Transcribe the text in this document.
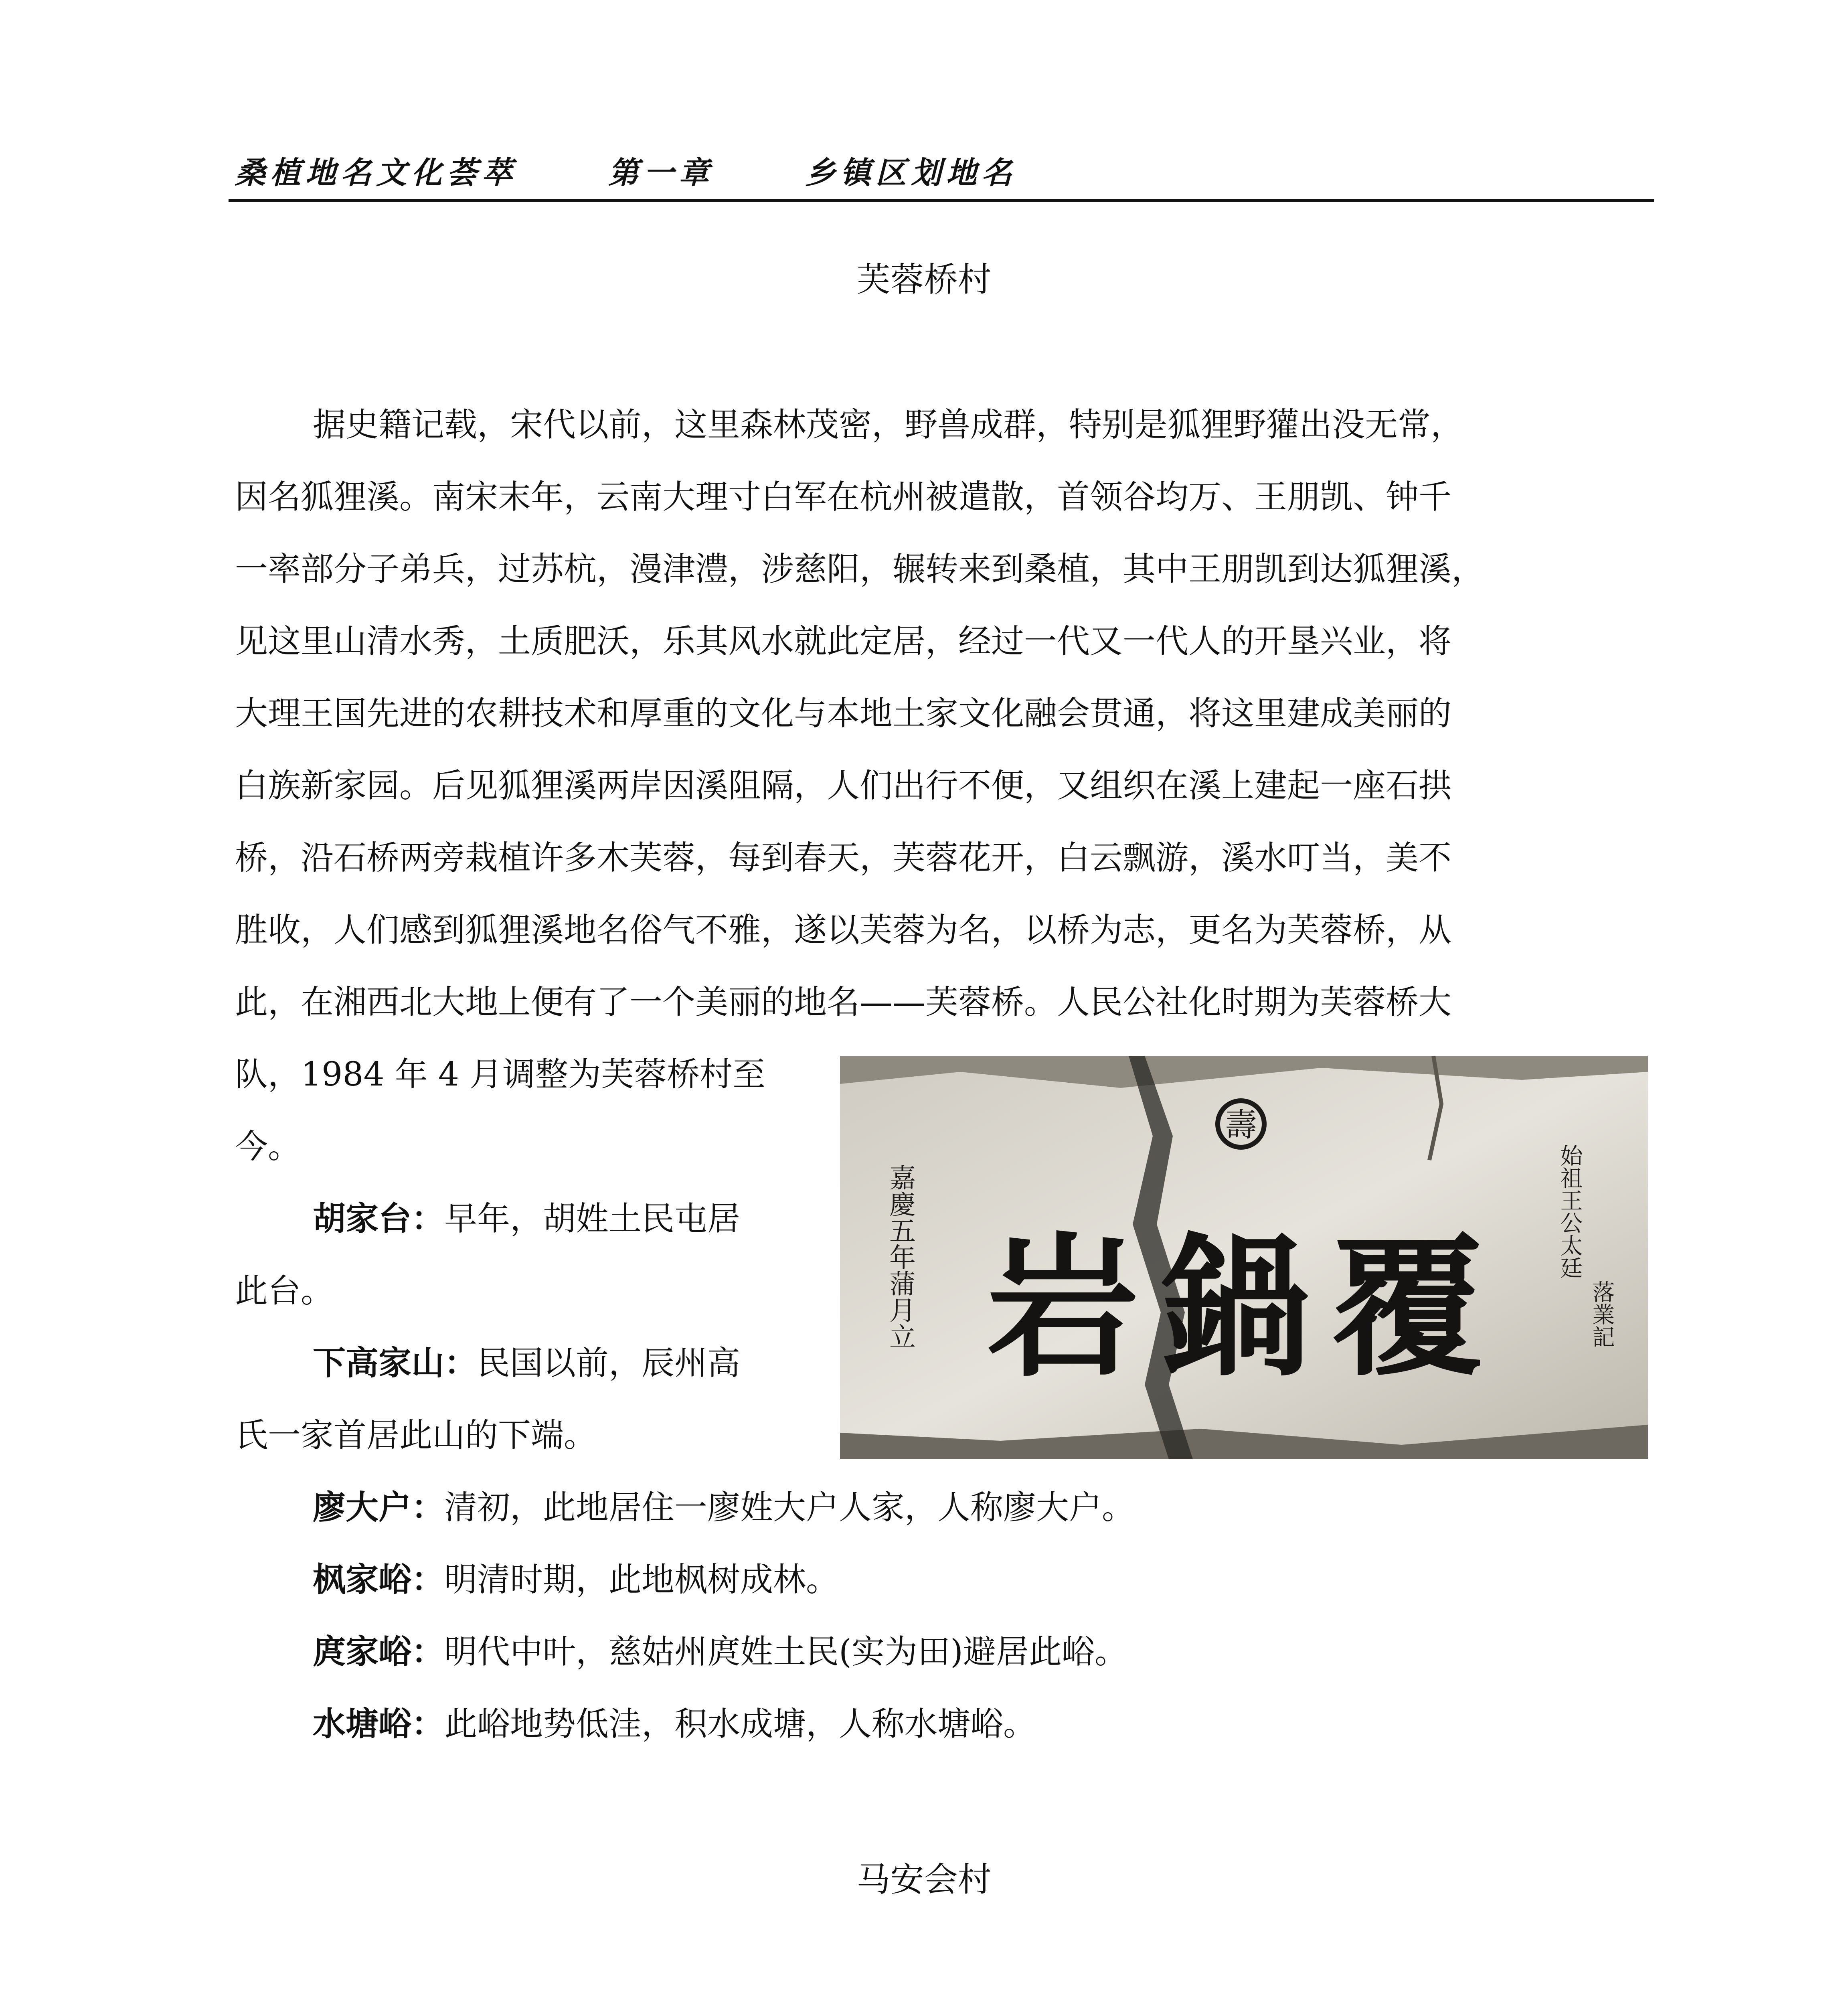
桑植地名文化荟萃	第一章	乡镇区划地名
芙蓉桥村

据史籍记载，宋代以前，这里森林茂密，野兽成群，特别是狐狸野獾出没无常，

因名狐狸溪。南宋末年，云南大理寸白军在杭州被遣散，首领谷均万、王朋凯、钟千

一率部分子弟兵，过苏杭，漫津澧，涉慈阳，辗转来到桑植，其中王朋凯到达狐狸溪，

见这里山清水秀，土质肥沃，乐其风水就此定居，经过一代又一代人的开垦兴业，将

大理王国先进的农耕技术和厚重的文化与本地土家文化融会贯通，将这里建成美丽的

白族新家园。后见狐狸溪两岸因溪阻隔，人们出行不便，又组织在溪上建起一座石拱

桥，沿石桥两旁栽植许多木芙蓉，每到春天，芙蓉花开，白云飘游，溪水叮当，美不

胜收，人们感到狐狸溪地名俗气不雅，遂以芙蓉为名，以桥为志，更名为芙蓉桥，从

此，在湘西北大地上便有了一个美丽的地名——芙蓉桥。人民公社化时期为芙蓉桥大

队，1984 年 4 月调整为芙蓉桥村至

今。

胡家台：早年，胡姓土民屯居

此台。

下高家山：民国以前，辰州高

氏一家首居此山的下端。

廖大户：清初，此地居住一廖姓大户人家，人称廖大户。

枫家峪：明清时期，此地枫树成林。

庹家峪：明代中叶，慈姑州庹姓土民(实为田)避居此峪。

水塘峪：此峪地势低洼，积水成塘，人称水塘峪。

壽
岩鍋覆
嘉慶五年蒲月立	始祖王公太廷
落業記
马安会村
